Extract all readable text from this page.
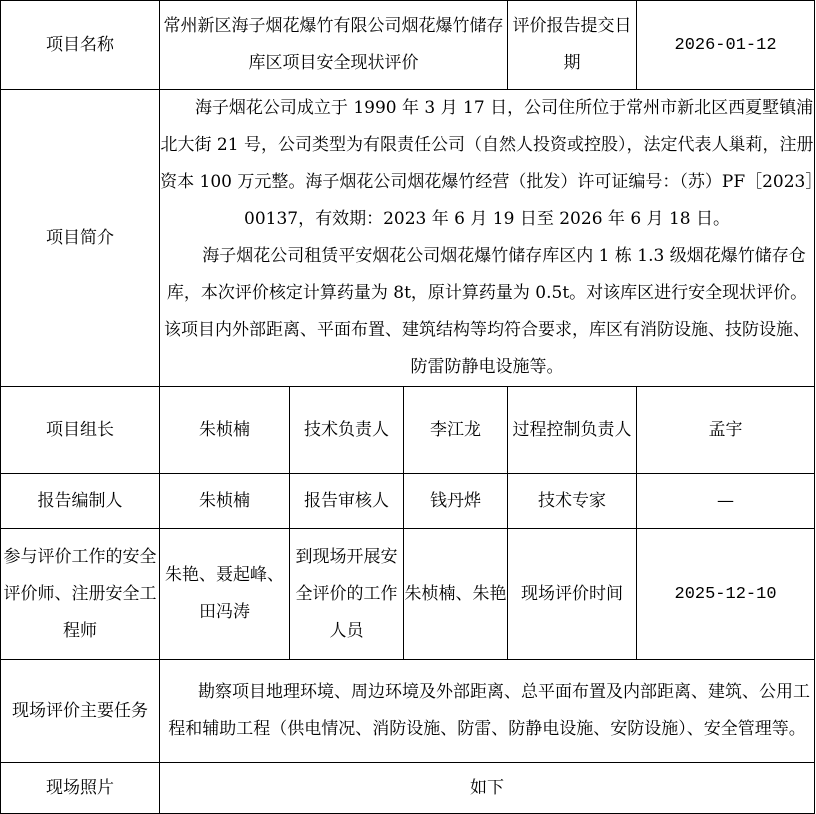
项目名称	常州新区海子烟花爆竹有限公司烟花爆竹储存库区项目安全现状评价			评价报告提交日期	2026-01-12
项目简介	海子烟花公司成立于 1990 年 3 月 17 日，公司住所位于常州市新北区西夏墅镇浦北大街 21 号，公司类型为有限责任公司（自然人投资或控股），法定代表人巢莉，注册资本 100 万元整。海子烟花公司烟花爆竹经营（批发）许可证编号：（苏）PF［2023］00137，有效期：2023 年 6 月 19 日至 2026 年 6 月 18 日。

海子烟花公司租赁平安烟花公司烟花爆竹储存库区内 1 栋 1.3 级烟花爆竹储存仓库，本次评价核定计算药量为 8t，原计算药量为 0.5t。对该库区进行安全现状评价。该项目内外部距离、平面布置、建筑结构等均符合要求，库区有消防设施、技防设施、防雷防静电设施等。				

项目组长	朱桢楠	技术负责人	李江龙	过程控制负责人	孟宇
报告编制人	朱桢楠	报告审核人	钱丹烨	技术专家	—
参与评价工作的安全评价师、注册安全工程师	朱艳、聂起峰、田冯涛	到现场开展安全评价的工作人员	朱桢楠、朱艳	现场评价时间	2025-12-10
现场评价主要任务	勘察项目地理环境、周边环境及外部距离、总平面布置及内部距离、建筑、公用工程和辅助工程（供电情况、消防设施、防雷、防静电设施、安防设施）、安全管理等。				

现场照片	如下				
